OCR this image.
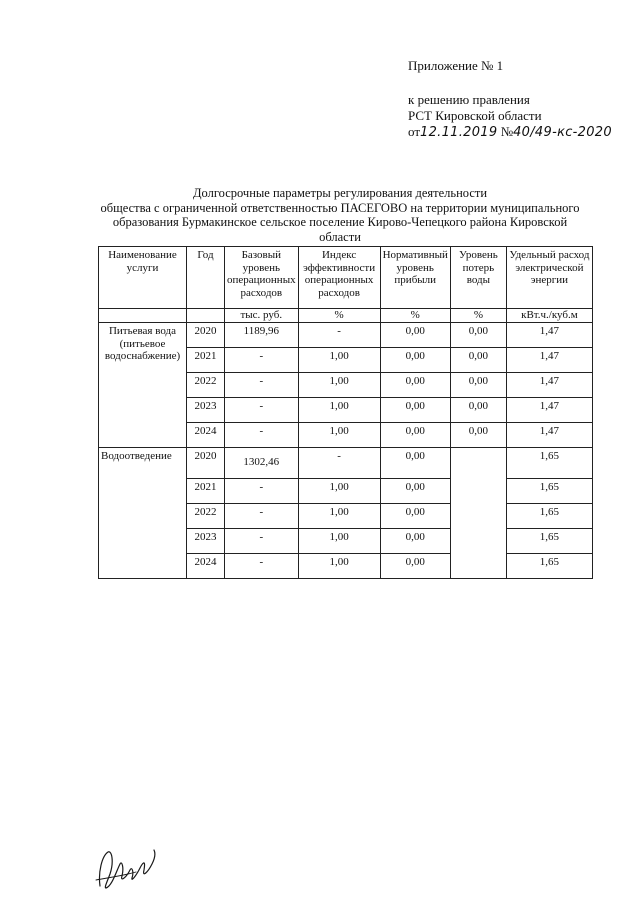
Приложение № 1
к решению правления
РСТ Кировской области
от12.11.2019 №40/49-кс-2020
Долгосрочные параметры регулирования деятельности
общества с ограниченной ответственностью ПАСЕГОВО на территории муниципального
образования Бурмакинское сельское поселение Кирово-Чепецкого района Кировской
области
Наименование услуги	Год	Базовый уровень операционных расходов	Индекс эффективности операционных расходов	Нормативный уровень прибыли	Уровень потерь воды	Удельный расход электрической энергии
		тыс. руб.	%	%	%	кВт.ч./куб.м
Питьевая вода (питьевое водоснабжение)	2020	1189,96	-	0,00	0,00	1,47
	2021	-	1,00	0,00	0,00	1,47
	2022	-	1,00	0,00	0,00	1,47
	2023	-	1,00	0,00	0,00	1,47
	2024	-	1,00	0,00	0,00	1,47
Водоотведение	2020	1302,46	-	0,00		1,65
	2021	-	1,00	0,00		1,65
	2022	-	1,00	0,00		1,65
	2023	-	1,00	0,00		1,65
	2024	-	1,00	0,00		1,65
